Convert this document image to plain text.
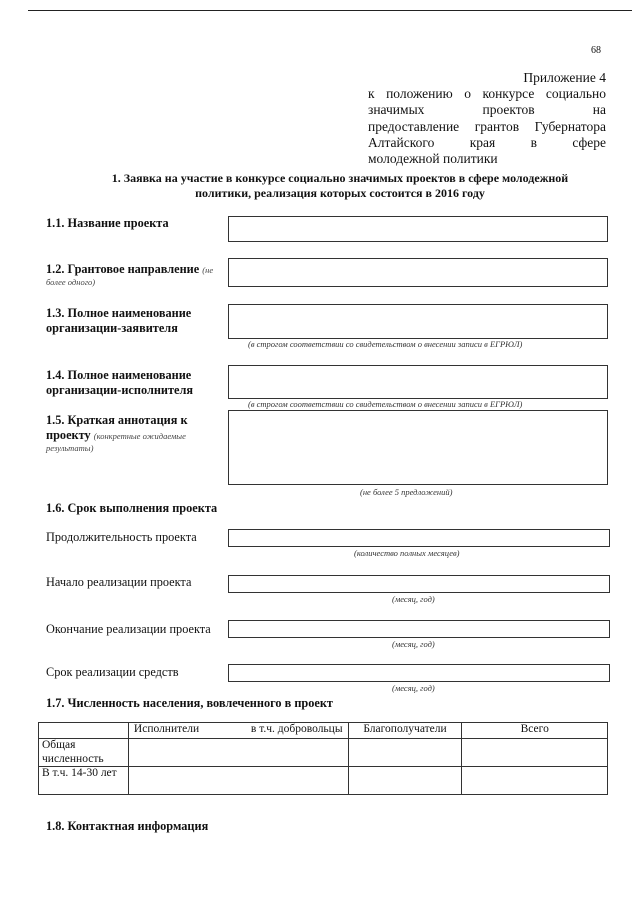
68
Приложение 4
к положению о конкурсе социально
значимых проектов на
предоставление грантов Губернатора
Алтайского края в сфере
молодежной политики
1. Заявка на участие в конкурсе социально значимых проектов в сфере молодежной
политики, реализация которых состоится в 2016 году
1.1. Название проекта
1.2. Грантовое направление (не
более одного)
1.3. Полное наименование
организации-заявителя
(в строгом соответствии со свидетельством о внесении записи в ЕГРЮЛ)
1.4. Полное наименование
организации-исполнителя
(в строгом соответствии со свидетельством о внесении записи в ЕГРЮЛ)
1.5. Краткая аннотация к
проекту (конкретные ожидаемые
результаты)
(не более 5 предложений)
1.6. Срок выполнения проекта
Продолжительность проекта
(количество полных месяцев)
Начало реализации проекта
(месяц, год)
Окончание реализации проекта
(месяц, год)
Срок реализации средств
(месяц, год)
1.7. Численность населения, вовлеченного в проект

	Исполнители в т.ч. добровольцы	Благополучатели	Всего
Общая численность			
В т.ч. 14-30 лет			
1.8. Контактная информация
